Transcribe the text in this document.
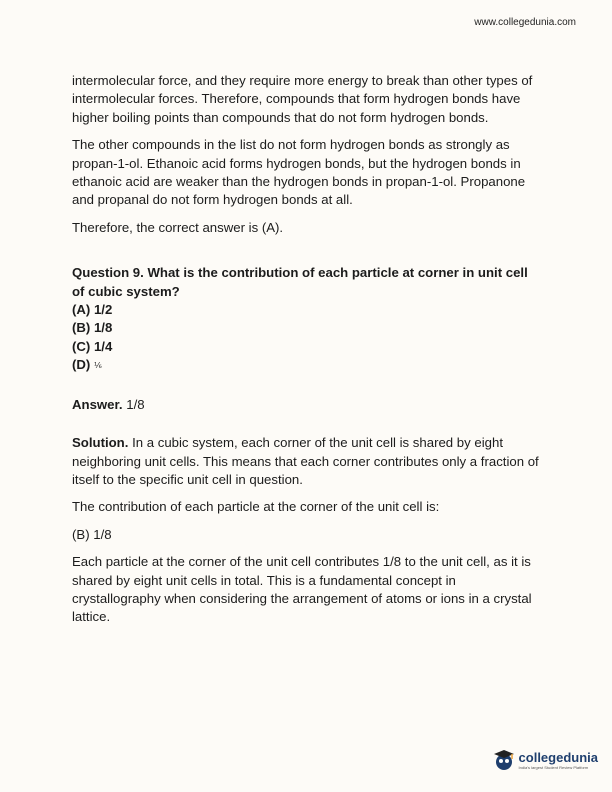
www.collegedunia.com

intermolecular force, and they require more energy to break than other types of intermolecular forces. Therefore, compounds that form hydrogen bonds have higher boiling points than compounds that do not form hydrogen bonds.

The other compounds in the list do not form hydrogen bonds as strongly as propan-1-ol. Ethanoic acid forms hydrogen bonds, but the hydrogen bonds in ethanoic acid are weaker than the hydrogen bonds in propan-1-ol. Propanone and propanal do not form hydrogen bonds at all.

Therefore, the correct answer is (A).

Question 9. What is the contribution of each particle at corner in unit cell of cubic system?

(A) 1/2
(B) 1/8
(C) 1/4
(D) ⅙

Answer. 1/8

Solution. In a cubic system, each corner of the unit cell is shared by eight neighboring unit cells. This means that each corner contributes only a fraction of itself to the specific unit cell in question.

The contribution of each particle at the corner of the unit cell is:

(B) 1/8

Each particle at the corner of the unit cell contributes 1/8 to the unit cell, as it is shared by eight unit cells in total. This is a fundamental concept in crystallography when considering the arrangement of atoms or ions in a crystal lattice.

collegedunia
India's largest Student Review Platform
